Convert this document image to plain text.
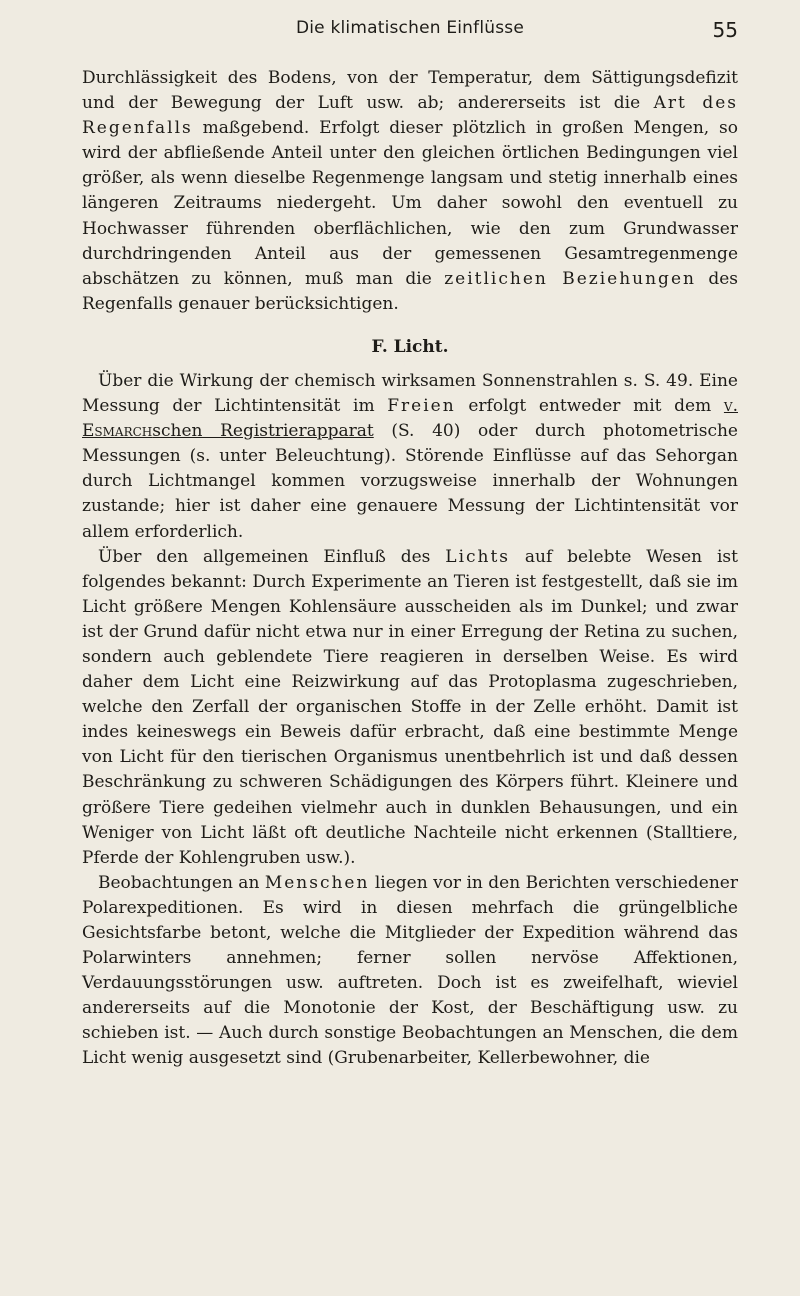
Die klimatischen Einflüsse	55

Durchlässigkeit des Bodens, von der Temperatur, dem Sättigungsdefizit und der Bewegung der Luft usw. ab; andererseits ist die Art des Regenfalls maßgebend. Erfolgt dieser plötzlich in großen Mengen, so wird der abfließende Anteil unter den gleichen örtlichen Bedingungen viel größer, als wenn dieselbe Regenmenge langsam und stetig innerhalb eines längeren Zeitraums niedergeht. Um daher sowohl den eventuell zu Hochwasser führenden oberflächlichen, wie den zum Grundwasser durchdringenden Anteil aus der gemessenen Gesamtregenmenge abschätzen zu können, muß man die zeitlichen Beziehungen des Regenfalls genauer berücksichtigen.

F. Licht.

Über die Wirkung der chemisch wirksamen Sonnenstrahlen s. S. 49. Eine Messung der Lichtintensität im Freien erfolgt entweder mit dem v. Esmarchschen Registrierapparat (S. 40) oder durch photometrische Messungen (s. unter Beleuchtung). Störende Einflüsse auf das Sehorgan durch Lichtmangel kommen vorzugsweise innerhalb der Wohnungen zustande; hier ist daher eine genauere Messung der Lichtintensität vor allem erforderlich.

Über den allgemeinen Einfluß des Lichts auf belebte Wesen ist folgendes bekannt: Durch Experimente an Tieren ist festgestellt, daß sie im Licht größere Mengen Kohlensäure ausscheiden als im Dunkel; und zwar ist der Grund dafür nicht etwa nur in einer Erregung der Retina zu suchen, sondern auch geblendete Tiere reagieren in derselben Weise. Es wird daher dem Licht eine Reizwirkung auf das Protoplasma zugeschrieben, welche den Zerfall der organischen Stoffe in der Zelle erhöht. Damit ist indes keineswegs ein Beweis dafür erbracht, daß eine bestimmte Menge von Licht für den tierischen Organismus unentbehrlich ist und daß dessen Beschränkung zu schweren Schädigungen des Körpers führt. Kleinere und größere Tiere gedeihen vielmehr auch in dunklen Behausungen, und ein Weniger von Licht läßt oft deutliche Nachteile nicht erkennen (Stalltiere, Pferde der Kohlengruben usw.).

Beobachtungen an Menschen liegen vor in den Berichten verschiedener Polarexpeditionen. Es wird in diesen mehrfach die grüngelbliche Gesichtsfarbe betont, welche die Mitglieder der Expedition während das Polarwinters annehmen; ferner sollen nervöse Affektionen, Verdauungsstörungen usw. auftreten. Doch ist es zweifelhaft, wieviel andererseits auf die Monotonie der Kost, der Beschäftigung usw. zu schieben ist. — Auch durch sonstige Beobachtungen an Menschen, die dem Licht wenig ausgesetzt sind (Grubenarbeiter, Kellerbewohner, die
